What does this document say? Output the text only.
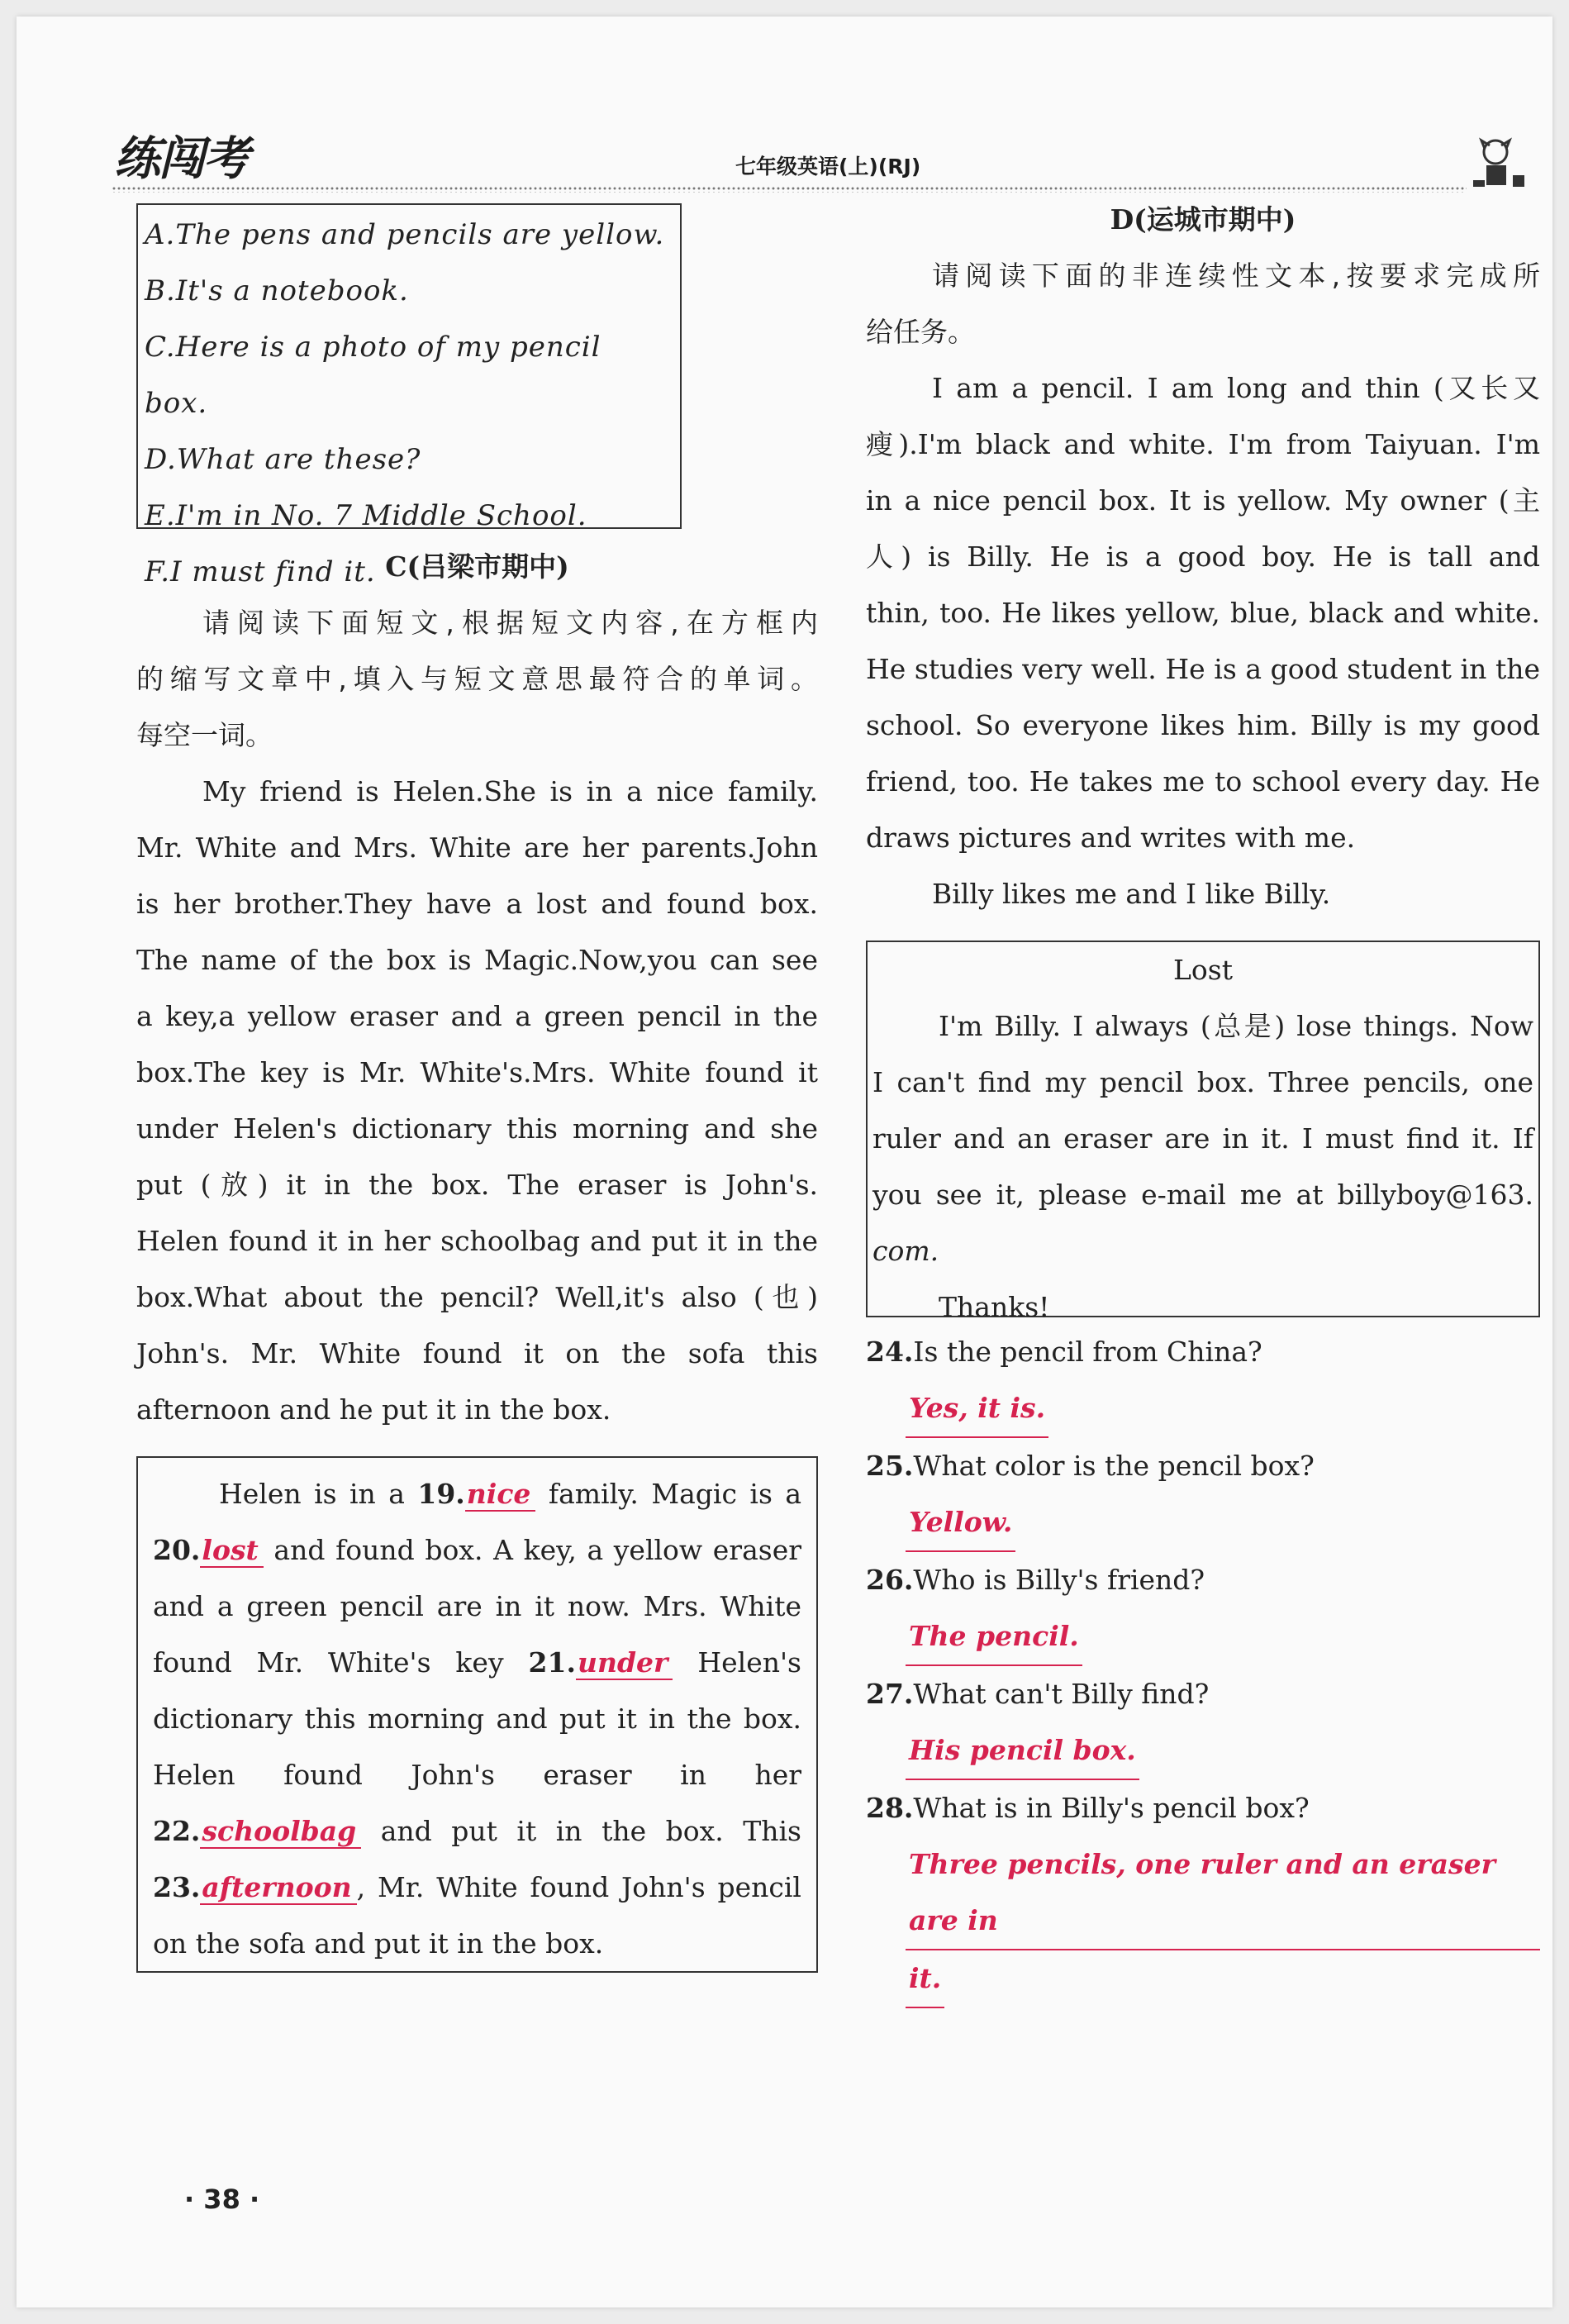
练闯考	七年级英语(上)(RJ)
A.The pens and pencils are yellow.
B.It's a notebook.
C.Here is a photo of my pencil box.
D.What are these?
E.I'm in No. 7 Middle School.
F.I must find it. C(吕梁市期中)

请阅读下面短文,根据短文内容,在方框内

的缩写文章中,填入与短文意思最符合的单词。

每空一词。

My friend is Helen.She is in a nice family.

Mr. White and Mrs. White are her parents.John

is her brother.They have a lost and found box.

The name of the box is Magic.Now,you can see

a key,a yellow eraser and a green pencil in the

box.The key is Mr. White's.Mrs. White found it

under Helen's dictionary this morning and she

put (放) it in the box. The eraser is John's.

Helen found it in her schoolbag and put it in the

box.What about the pencil? Well,it's also (也)

John's. Mr. White found it on the sofa this

afternoon and he put it in the box.

Helen is in a 19.nice family. Magic is a

20.lost and found box. A key, a yellow eraser

and a green pencil are in it now. Mrs. White

found Mr. White's key 21.under Helen's

dictionary this morning and put it in the box.

Helen found John's eraser in her

22.schoolbag and put it in the box. This

23.afternoon , Mr. White found John's pencil

on the sofa and put it in the box.

D(运城市期中)

请阅读下面的非连续性文本,按要求完成所

给任务。

I am a pencil. I am long and thin (又长又

瘦).I'm black and white. I'm from Taiyuan. I'm

in a nice pencil box. It is yellow. My owner (主

人) is Billy. He is a good boy. He is tall and

thin, too. He likes yellow, blue, black and white.

He studies very well. He is a good student in the

school. So everyone likes him. Billy is my good

friend, too. He takes me to school every day. He

draws pictures and writes with me.

Billy likes me and I like Billy.

Lost

I'm Billy. I always (总是) lose things. Now

I can't find my pencil box. Three pencils, one

ruler and an eraser are in it. I must find it. If

you see it, please e-mail me at billyboy@163.

com.

Thanks!

24.Is the pencil from China?
Yes, it is.
25.What color is the pencil box?
Yellow.
26.Who is Billy's friend?
The pencil.
27.What can't Billy find?
His pencil box.
28.What is in Billy's pencil box?
Three pencils, one ruler and an eraser are in
it.
· 38 ·
